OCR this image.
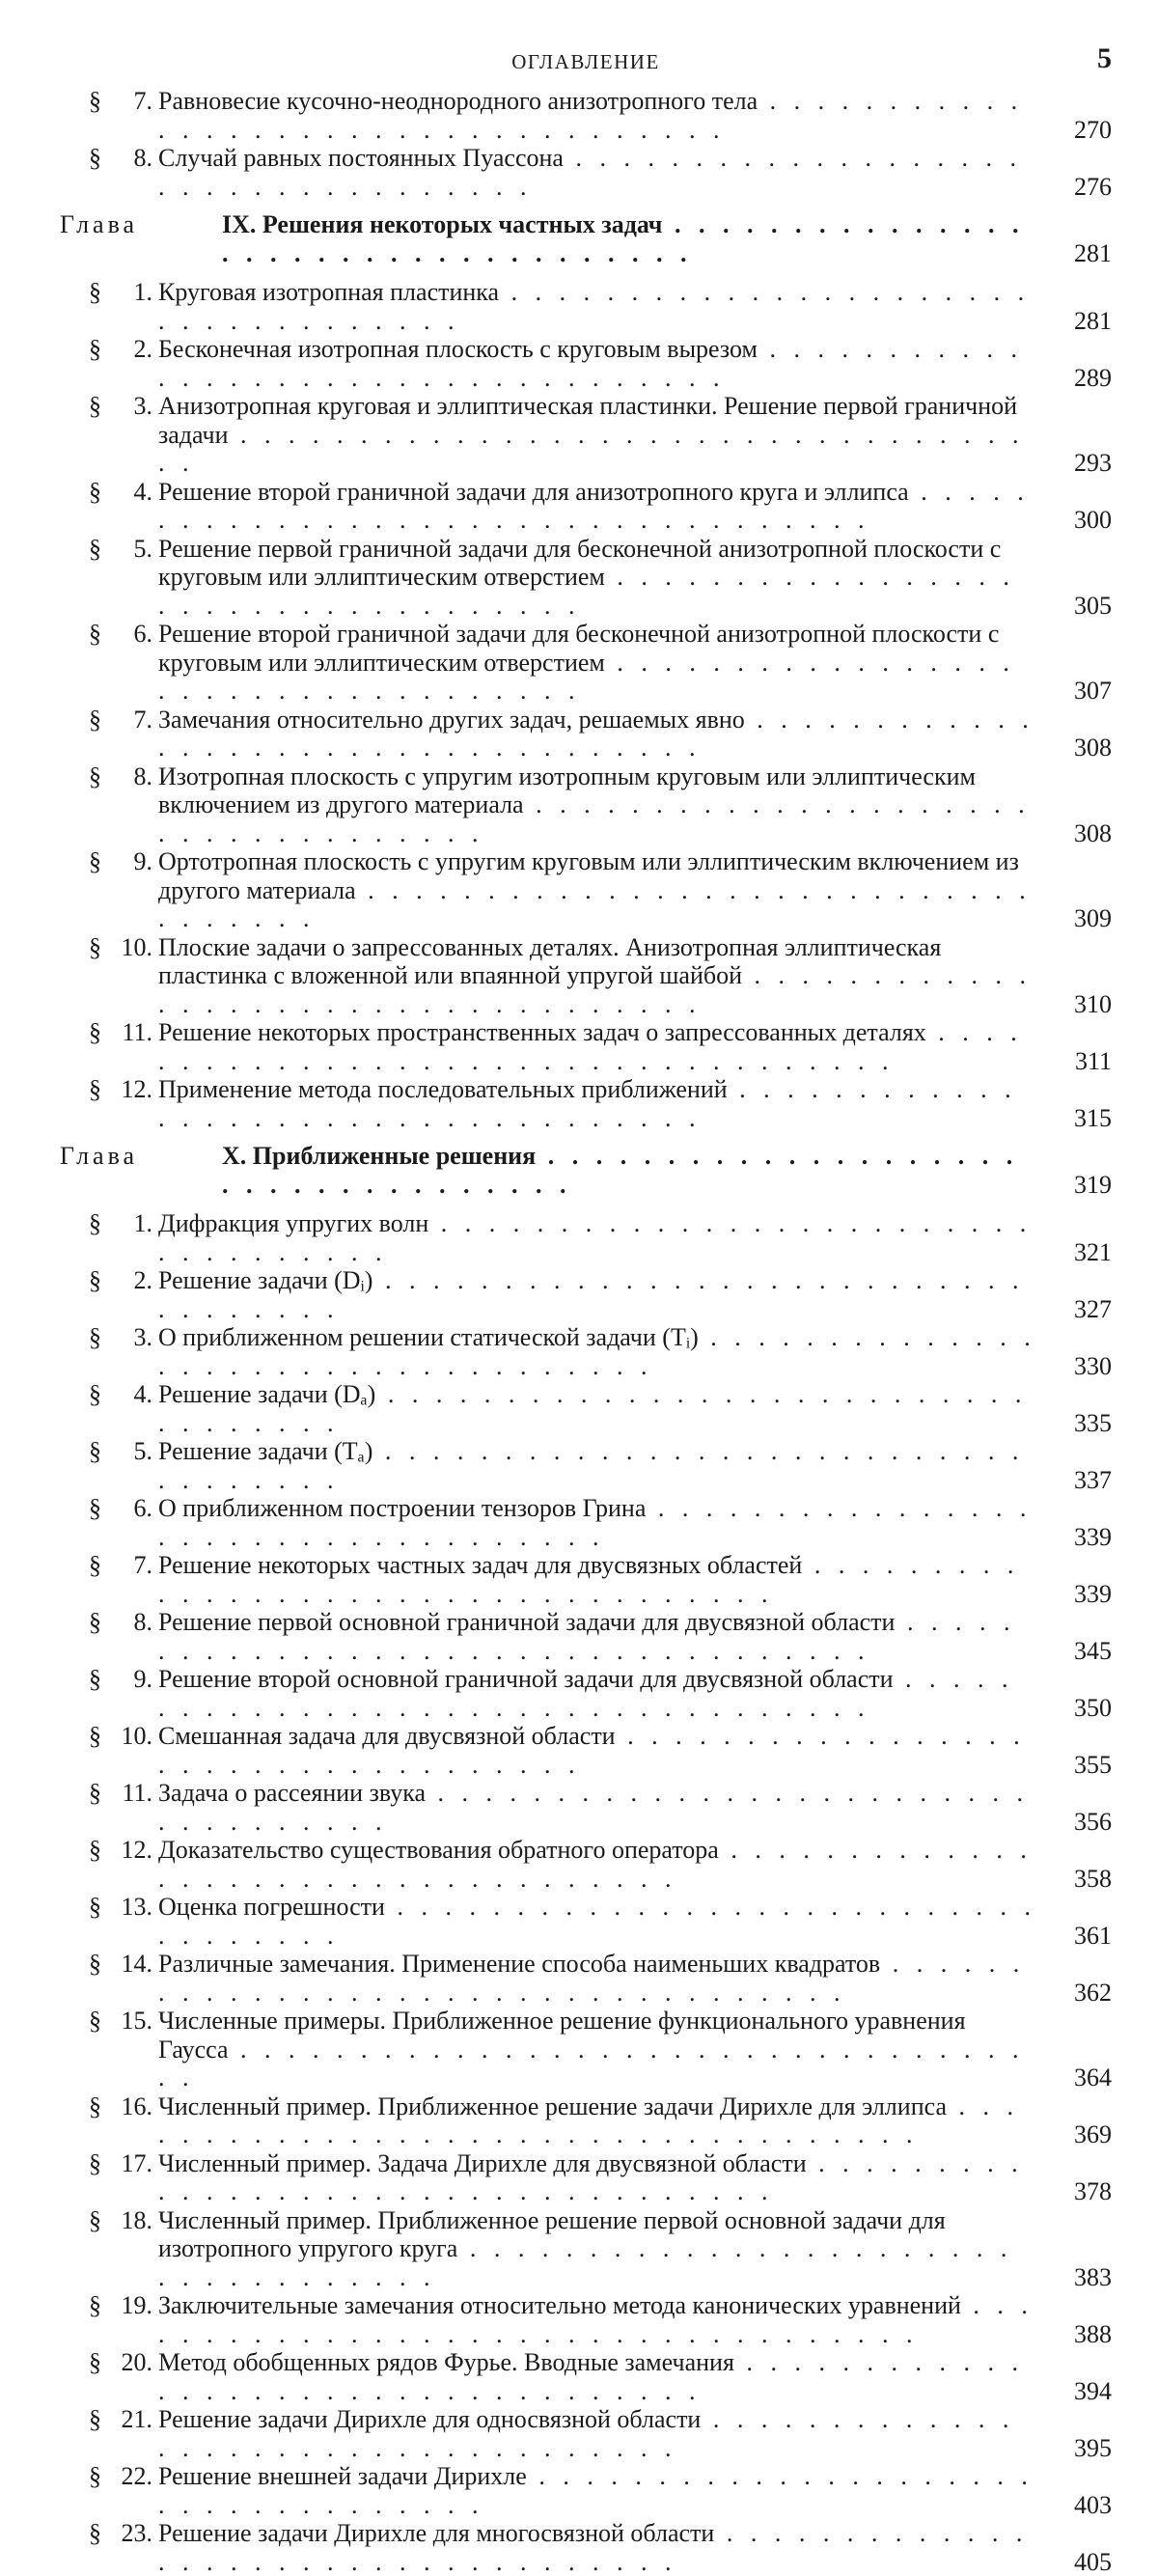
ОГЛАВЛЕНИЕ	5
§ 7. Равновесие кусочно-неоднородного анизотропного тела . . . . . . . . . . . . . . . . . . . . . . . . . . . . . . . . . . .	270
§ 8. Случай равных постоянных Пуассона . . . . . . . . . . . . . . . . . . . . . . . . . . . . . . . . . . .	276
Глава	IX. Решения некоторых частных задач . . . . . . . . . . . . . . . . . . . . . . . . . . . . . . . . . . .	281
§ 1. Круговая изотропная пластинка . . . . . . . . . . . . . . . . . . . . . . . . . . . . . . . . . . .	281
§ 2. Бесконечная изотропная плоскость с круговым вырезом . . . . . . . . . . . . . . . . . . . . . . . . . . . . . . . . . . .	289
§ 3. Анизотропная круговая и эллиптическая пластинки. Решение первой граничной задачи . . . . . . . . . . . . . . . . . . . . . . . . . . . . . . . . . . .	293
§ 4. Решение второй граничной задачи для анизотропного круга и эллипса . . . . . . . . . . . . . . . . . . . . . . . . . . . . . . . . . . .	300
§ 5. Решение первой граничной задачи для бесконечной анизотропной плоскости с круговым или эллиптическим отверстием . . . . . . . . . . . . . . . . . . . . . . . . . . . . . . . . . . .	305
§ 6. Решение второй граничной задачи для бесконечной анизотропной плоскости с круговым или эллиптическим отверстием . . . . . . . . . . . . . . . . . . . . . . . . . . . . . . . . . . .	307
§ 7. Замечания относительно других задач, решаемых явно . . . . . . . . . . . . . . . . . . . . . . . . . . . . . . . . . . .	308
§ 8. Изотропная плоскость с упругим изотропным круговым или эллиптическим включением из другого материала . . . . . . . . . . . . . . . . . . . . . . . . . . . . . . . . . . .	308
§ 9. Ортотропная плоскость с упругим круговым или эллиптическим включением из другого материала . . . . . . . . . . . . . . . . . . . . . . . . . . . . . . . . . . .	309
§ 10. Плоские задачи о запрессованных деталях. Анизотропная эллиптическая пластинка с вложенной или впаянной упругой шайбой . . . . . . . . . . . . . . . . . . . . . . . . . . . . . . . . . . .	310
§ 11. Решение некоторых пространственных задач о запрессованных деталях . . . . . . . . . . . . . . . . . . . . . . . . . . . . . . . . . . .	311
§ 12. Применение метода последовательных приближений . . . . . . . . . . . . . . . . . . . . . . . . . . . . . . . . . . .	315
Глава	X. Приближенные решения . . . . . . . . . . . . . . . . . . . . . . . . . . . . . . . . . . .	319
§ 1. Дифракция упругих волн . . . . . . . . . . . . . . . . . . . . . . . . . . . . . . . . . . .	321
§ 2. Решение задачи (Dᵢ) . . . . . . . . . . . . . . . . . . . . . . . . . . . . . . . . . . .	327
§ 3. О приближенном решении статической задачи (Tᵢ) . . . . . . . . . . . . . . . . . . . . . . . . . . . . . . . . . . .	330
§ 4. Решение задачи (Dₐ) . . . . . . . . . . . . . . . . . . . . . . . . . . . . . . . . . . .	335
§ 5. Решение задачи (Tₐ) . . . . . . . . . . . . . . . . . . . . . . . . . . . . . . . . . . .	337
§ 6. О приближенном построении тензоров Грина . . . . . . . . . . . . . . . . . . . . . . . . . . . . . . . . . . .	339
§ 7. Решение некоторых частных задач для двусвязных областей . . . . . . . . . . . . . . . . . . . . . . . . . . . . . . . . . . .	339
§ 8. Решение первой основной граничной задачи для двусвязной области . . . . . . . . . . . . . . . . . . . . . . . . . . . . . . . . . . .	345
§ 9. Решение второй основной граничной задачи для двусвязной области . . . . . . . . . . . . . . . . . . . . . . . . . . . . . . . . . . .	350
§ 10. Смешанная задача для двусвязной области . . . . . . . . . . . . . . . . . . . . . . . . . . . . . . . . . . .	355
§ 11. Задача о рассеянии звука . . . . . . . . . . . . . . . . . . . . . . . . . . . . . . . . . . .	356
§ 12. Доказательство существования обратного оператора . . . . . . . . . . . . . . . . . . . . . . . . . . . . . . . . . . .	358
§ 13. Оценка погрешности . . . . . . . . . . . . . . . . . . . . . . . . . . . . . . . . . . .	361
§ 14. Различные замечания. Применение способа наименьших квадратов . . . . . . . . . . . . . . . . . . . . . . . . . . . . . . . . . . .	362
§ 15. Численные примеры. Приближенное решение функционального уравнения Гаусса . . . . . . . . . . . . . . . . . . . . . . . . . . . . . . . . . . .	364
§ 16. Численный пример. Приближенное решение задачи Дирихле для эллипса . . . . . . . . . . . . . . . . . . . . . . . . . . . . . . . . . . .	369
§ 17. Численный пример. Задача Дирихле для двусвязной области . . . . . . . . . . . . . . . . . . . . . . . . . . . . . . . . . . .	378
§ 18. Численный пример. Приближенное решение первой основной задачи для изотропного упругого круга . . . . . . . . . . . . . . . . . . . . . . . . . . . . . . . . . . .	383
§ 19. Заключительные замечания относительно метода канонических уравнений . . . . . . . . . . . . . . . . . . . . . . . . . . . . . . . . . . .	388
§ 20. Метод обобщенных рядов Фурье. Вводные замечания . . . . . . . . . . . . . . . . . . . . . . . . . . . . . . . . . . .	394
§ 21. Решение задачи Дирихле для односвязной области . . . . . . . . . . . . . . . . . . . . . . . . . . . . . . . . . . .	395
§ 22. Решение внешней задачи Дирихле . . . . . . . . . . . . . . . . . . . . . . . . . . . . . . . . . . .	403
§ 23. Решение задачи Дирихле для многосвязной области . . . . . . . . . . . . . . . . . . . . . . . . . . . . . . . . . . .	405
